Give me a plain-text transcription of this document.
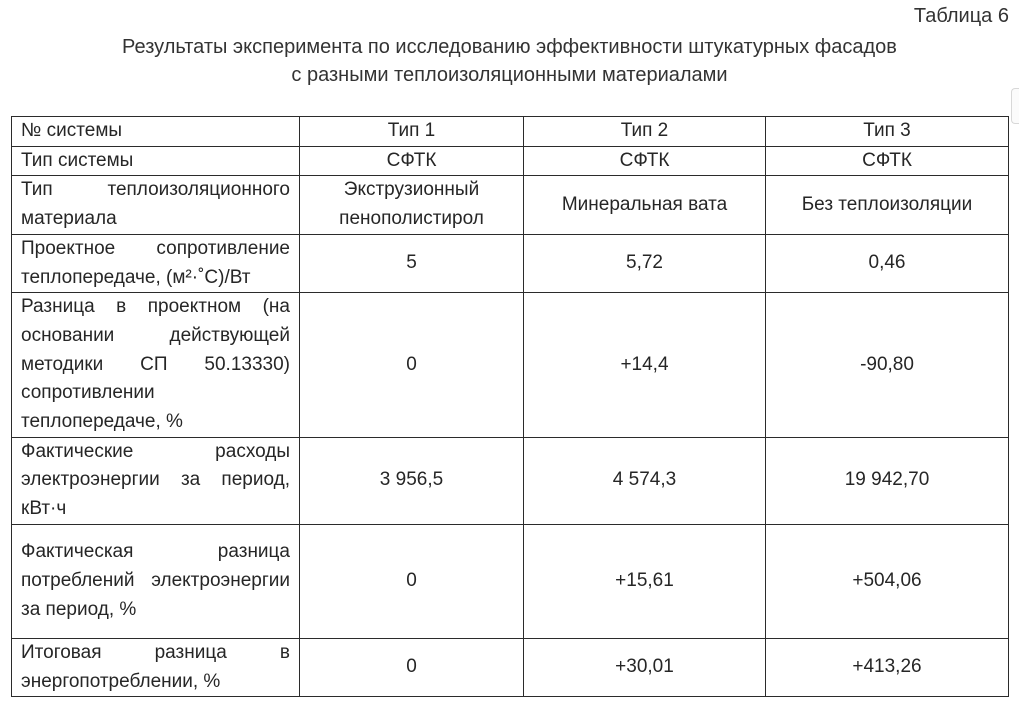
Таблица 6
Результаты эксперимента по исследованию эффективности штукатурных фасадов
с разными теплоизоляционными материалами
№ системы	Тип 1	Тип 2	Тип 3
Тип системы	СФТК	СФТК	СФТК
Тип теплоизоляционного материала	Экструзионный пенополистирол	Минеральная вата	Без теплоизоляции
Проектное сопротивление теплопередаче, (м²·˚С)/Вт	5	5,72	0,46
Разница в проектном (на основании действующей методики СП 50.13330) сопротивлении теплопередаче, %	0	+14,4	-90,80
Фактические расходы электроэнергии за период, кВт·ч	3 956,5	4 574,3	19 942,70
Фактическая разница потреблений электроэнергии за период, %	0	+15,61	+504,06
Итоговая разница в энергопотреблении, %	0	+30,01	+413,26
